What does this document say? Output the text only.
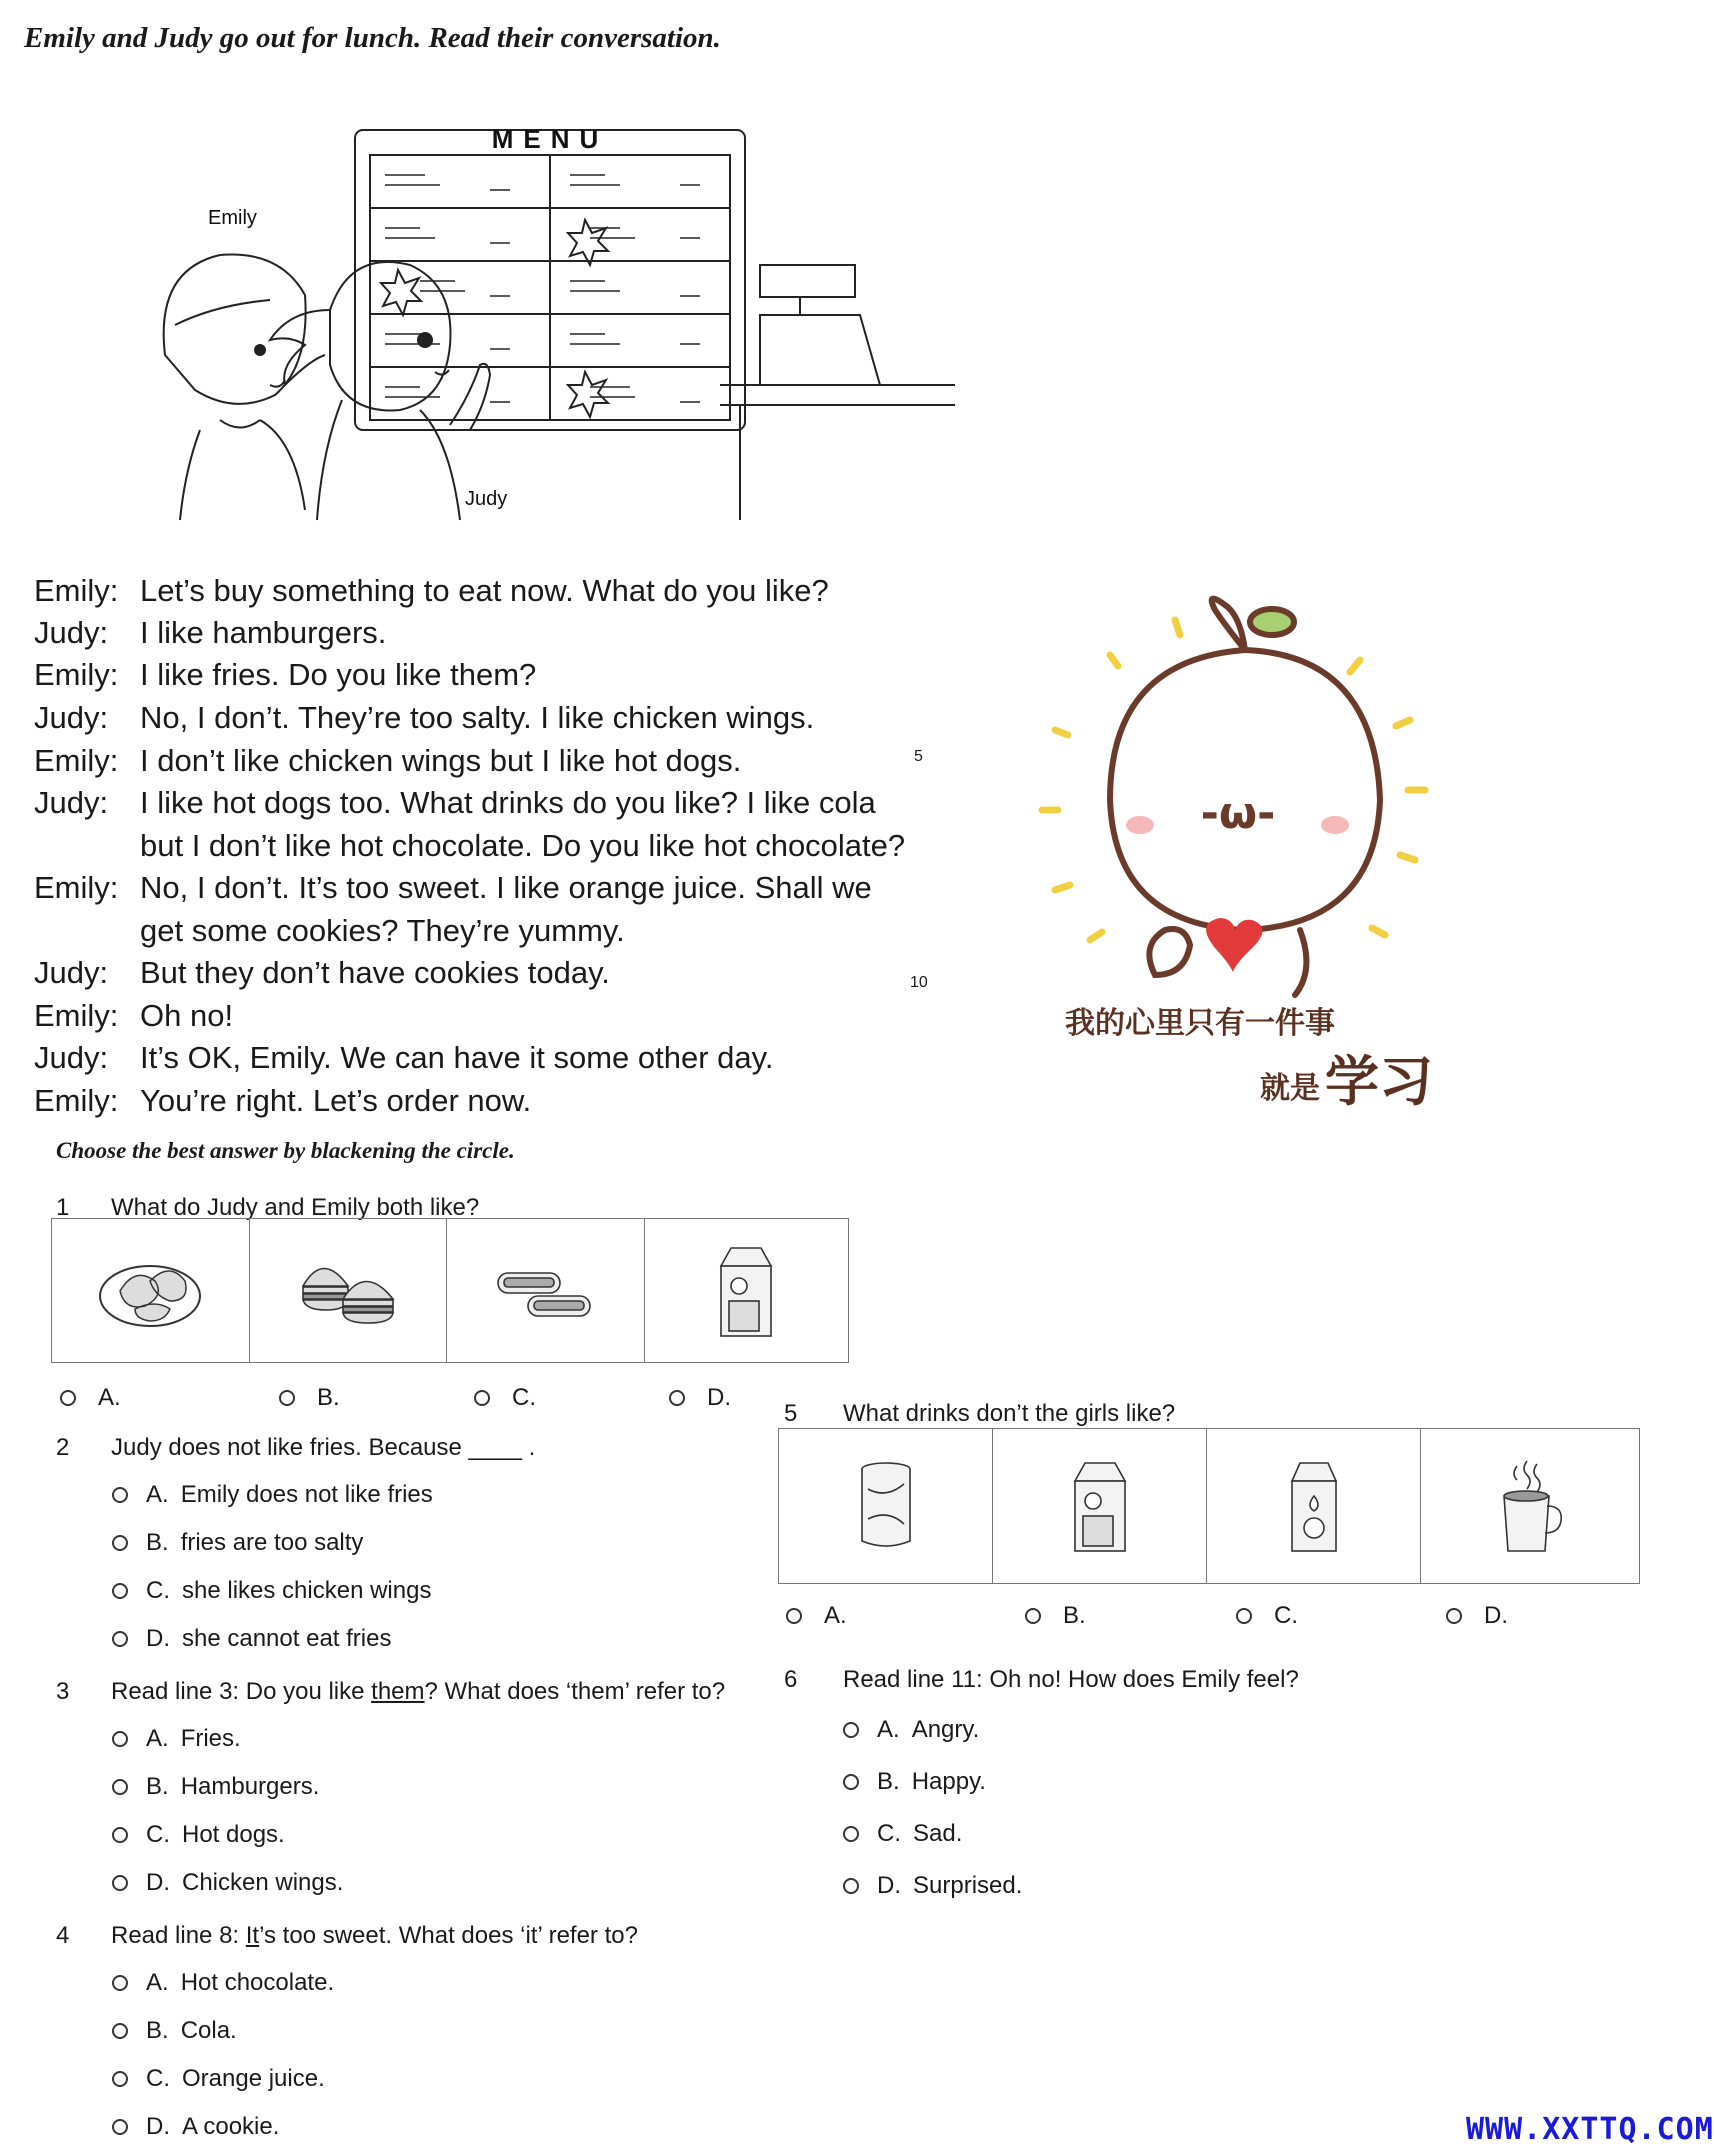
Emily and Judy go out for lunch. Read their conversation.
MENU
Emily
Judy
Emily: Let’s buy something to eat now. What do you like?
Judy: I like hamburgers.
Emily: I like fries. Do you like them?
Judy: No, I don’t. They’re too salty. I like chicken wings.
Emily: I don’t like chicken wings but I like hot dogs.
Judy: I like hot dogs too. What drinks do you like? I like cola
but I don’t like hot chocolate. Do you like hot chocolate?
Emily: No, I don’t. It’s too sweet. I like orange juice. Shall we
get some cookies? They’re yummy.
Judy: But they don’t have cookies today.
Emily: Oh no!
Judy: It’s OK, Emily. We can have it some other day.
Emily: You’re right. Let’s order now.
5
10
-ω-
我的心里只有一件事
就是 学习
Choose the best answer by blackening the circle.
1 What do Judy and Emily both like?
A.	B.	C.	D.
2 Judy does not like fries. Because ____ .
A. Emily does not like fries
B. fries are too salty
C. she likes chicken wings
D. she cannot eat fries
3 Read line 3: Do you like them? What does ‘them’ refer to?
A. Fries.
B. Hamburgers.
C. Hot dogs.
D. Chicken wings.
4 Read line 8: It’s too sweet. What does ‘it’ refer to?
A. Hot chocolate.
B. Cola.
C. Orange juice.
D. A cookie.
5 What drinks don’t the girls like?
A.	B.	C.	D.
6 Read line 11: Oh no! How does Emily feel?
A. Angry.
B. Happy.
C. Sad.
D. Surprised.
WWW.XXTTQ.COM
